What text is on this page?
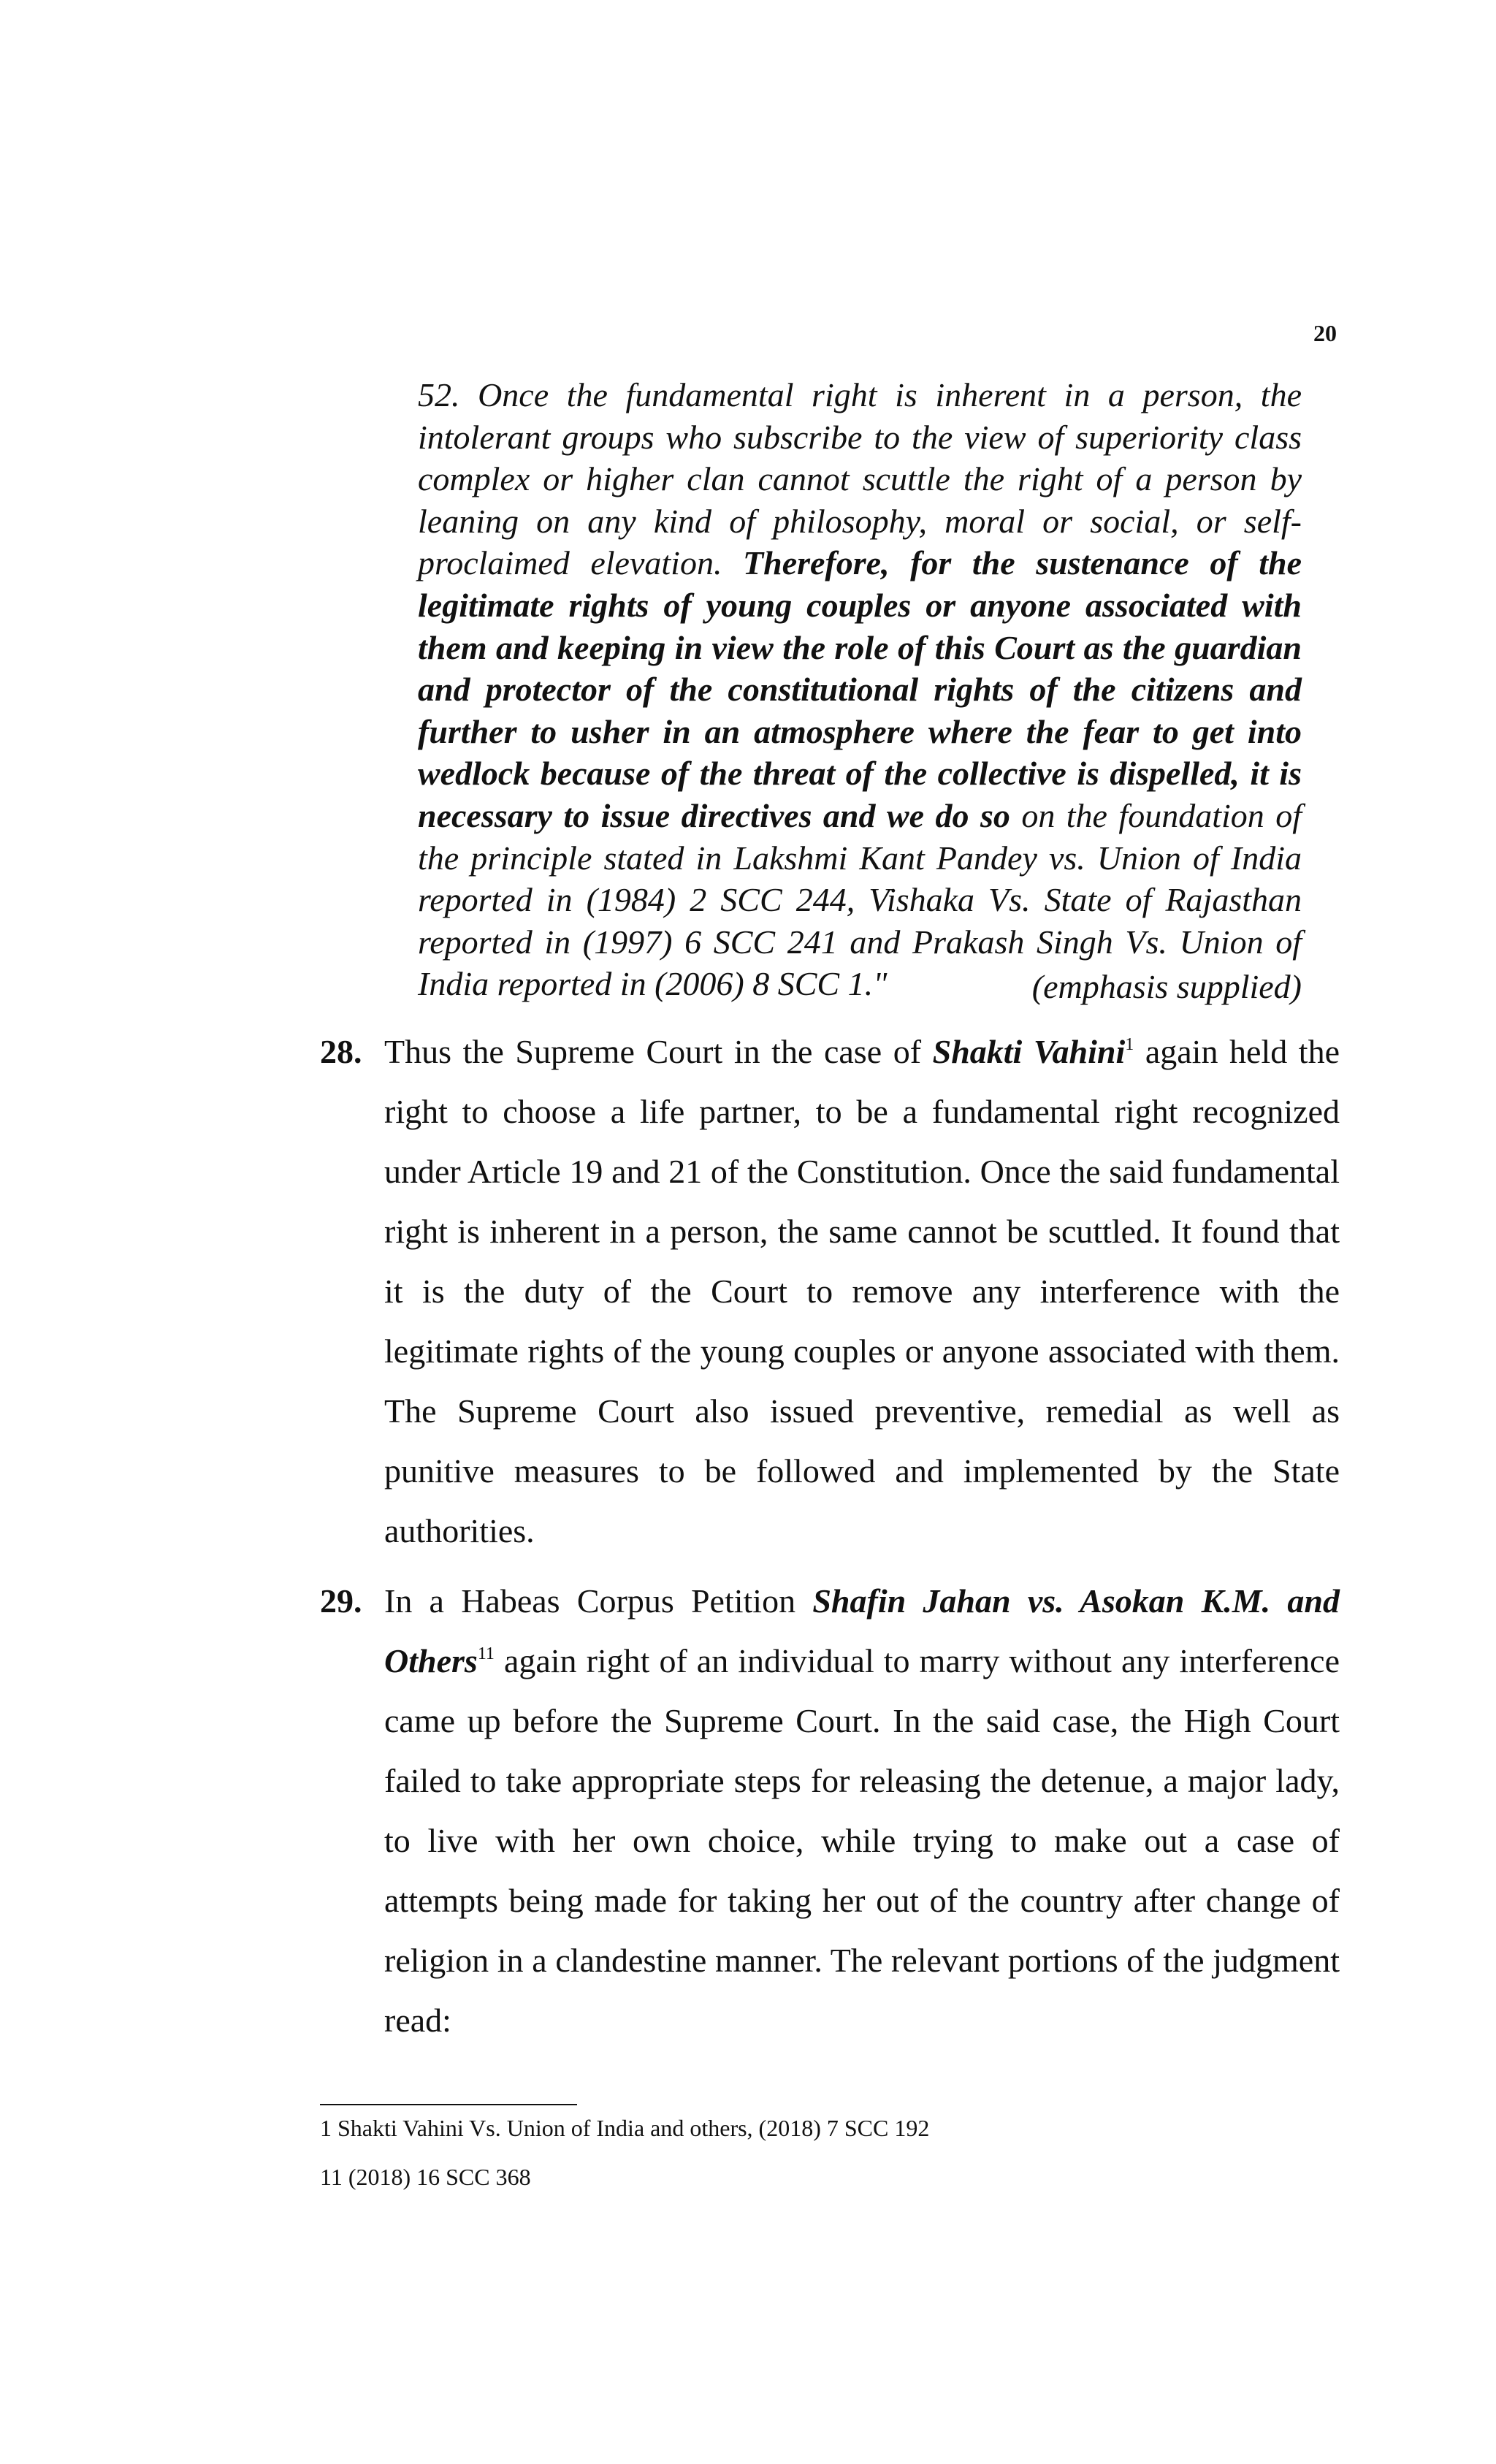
20

52. Once the fundamental right is inherent in a person, the intolerant groups who subscribe to the view of superiority class complex or higher clan cannot scuttle the right of a person by leaning on any kind of philosophy, moral or social, or self-proclaimed elevation. Therefore, for the sustenance of the legitimate rights of young couples or anyone associated with them and keeping in view the role of this Court as the guardian and protector of the constitutional rights of the citizens and further to usher in an atmosphere where the fear to get into wedlock because of the threat of the collective is dispelled, it is necessary to issue directives and we do so on the foundation of the principle stated in Lakshmi Kant Pandey vs. Union of India reported in (1984) 2 SCC 244, Vishaka Vs. State of Rajasthan reported in (1997) 6 SCC 241 and Prakash Singh Vs. Union of India reported in (2006) 8 SCC 1."	(emphasis supplied)
28. Thus the Supreme Court in the case of Shakti Vahini$^1$ again held the right to choose a life partner, to be a fundamental right recognized under Article 19 and 21 of the Constitution. Once the said fundamental right is inherent in a person, the same cannot be scuttled. It found that it is the duty of the Court to remove any interference with the legitimate rights of the young couples or anyone associated with them. The Supreme Court also issued preventive, remedial as well as punitive measures to be followed and implemented by the State authorities.

29. In a Habeas Corpus Petition Shafin Jahan vs. Asokan K.M. and Others$^{11}$ again right of an individual to marry without any interference came up before the Supreme Court. In the said case, the High Court failed to take appropriate steps for releasing the detenue, a major lady, to live with her own choice, while trying to make out a case of attempts being made for taking her out of the country after change of religion in a clandestine manner. The relevant portions of the judgment read:

1 Shakti Vahini Vs. Union of India and others, (2018) 7 SCC 192
11 (2018) 16 SCC 368
